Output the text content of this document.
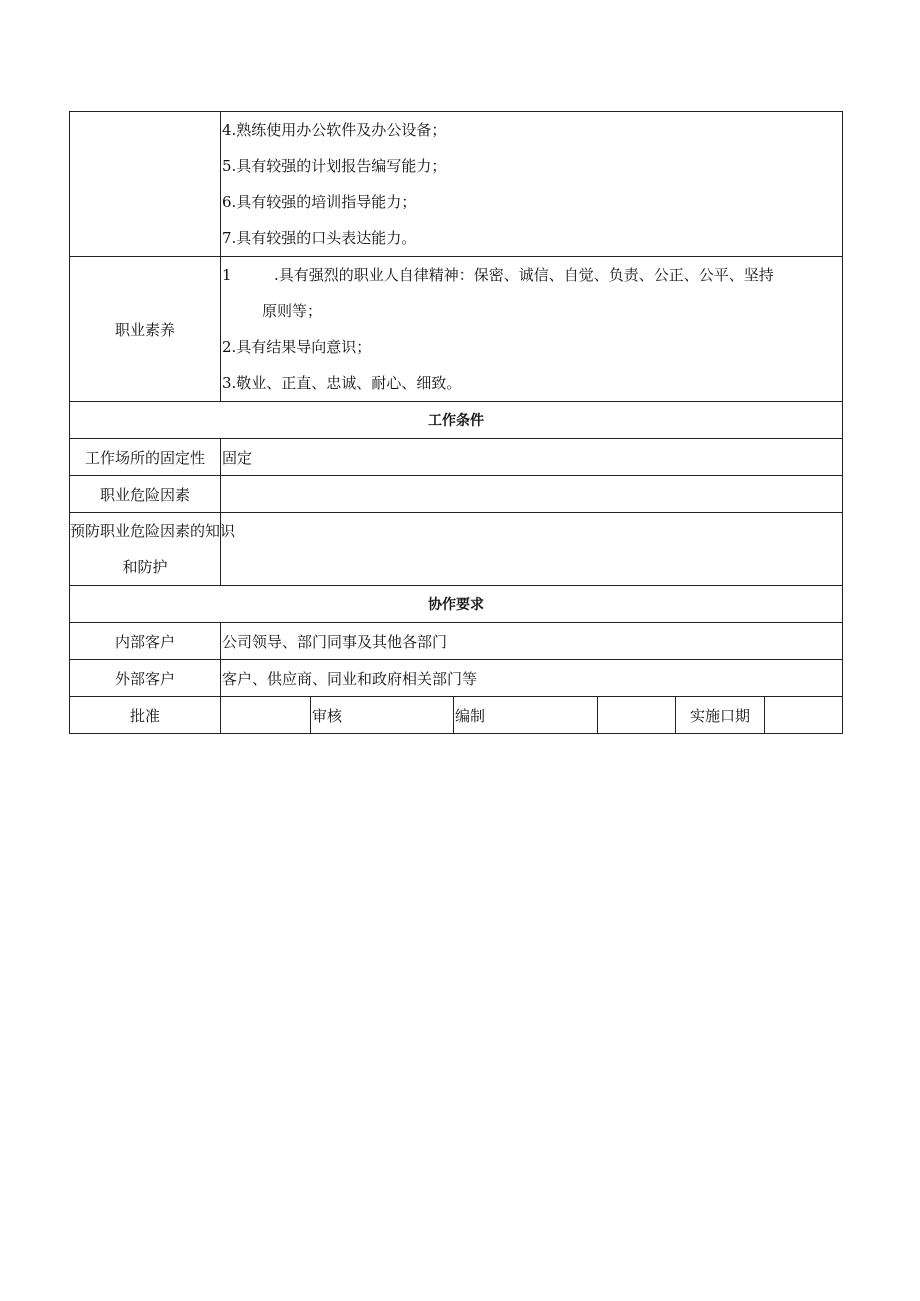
	4.熟练使用办公软件及办公设备；
5.具有较强的计划报告编写能力；
6.具有较强的培训指导能力；
7.具有较强的口头表达能力。					

职业素养	1 .具有强烈的职业人自律精神：保密、诚信、自觉、负责、公正、公平、坚持
原则等；
2.具有结果导向意识；
3.敬业、正直、忠诚、耐心、细致。					

工作条件						
工作场所的固定性	固定					
职业危险因素						

预防职业危险因素的知识
和防护						

协作要求						
内部客户	公司领导、部门同事及其他各部门					
外部客户	客户、供应商、同业和政府相关部门等					
批准		审核	编制		实施口期	
